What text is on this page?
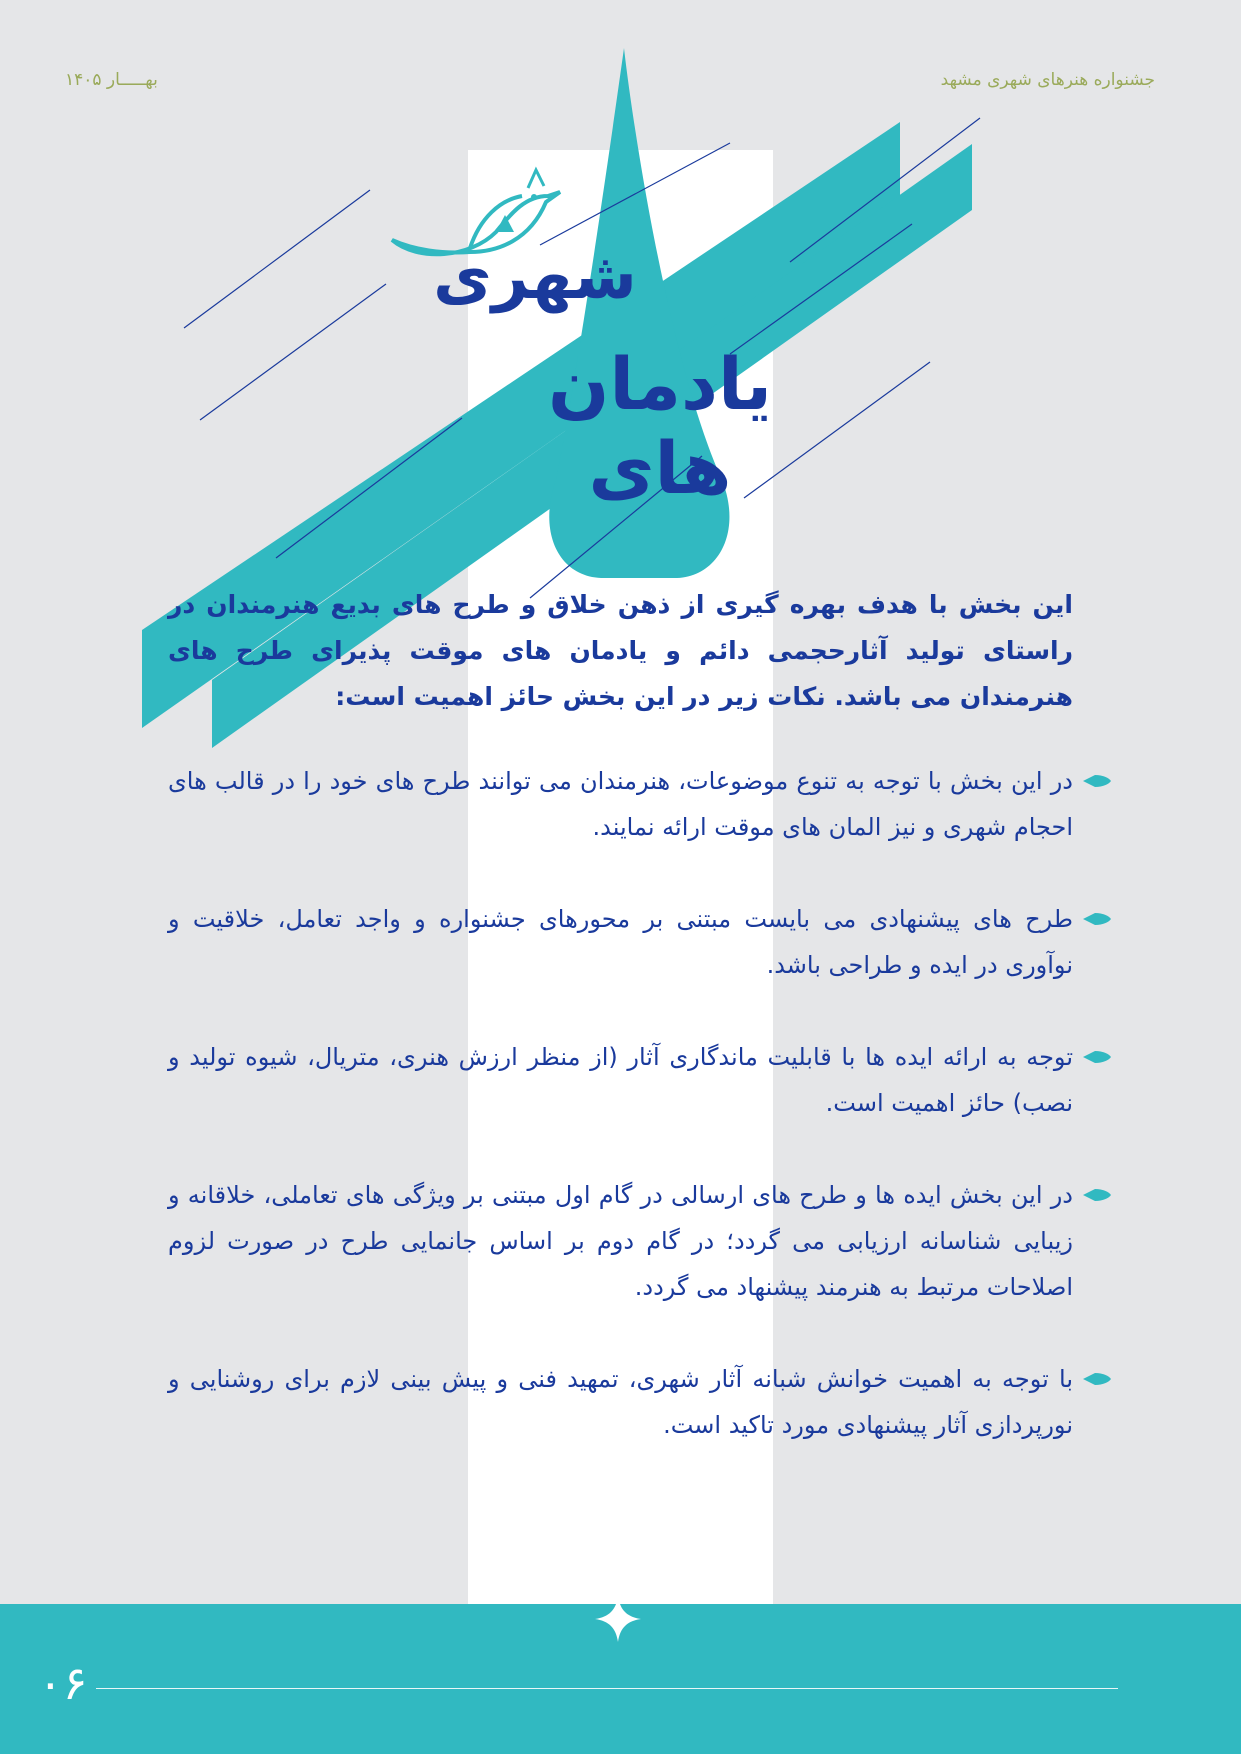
بهـــــار ۱۴۰۵	جشنواره هنرهای شهری مشهد
شهری
یادمان های

این بخش با هدف بهره گیری از ذهن خلاق و طرح های بدیع هنرمندان در راستای تولید آثارحجمی دائم و یادمان های موقت پذیرای طرح های هنرمندان می باشد. نکات زیر در این بخش حائز اهمیت است:

در این بخش با توجه به تنوع موضوعات، هنرمندان می توانند طرح های خود را در قالب های احجام شهری و نیز المان های موقت ارائه نمایند.
طرح های پیشنهادی می بایست مبتنی بر محورهای جشنواره و واجد تعامل، خلاقیت و نوآوری در ایده و طراحی باشد.
توجه به ارائه ایده ها با قابلیت ماندگاری آثار (از منظر ارزش هنری، متریال، شیوه تولید و نصب) حائز اهمیت است.
در این بخش ایده ها و طرح های ارسالی در گام اول مبتنی بر ویژگی های تعاملی، خلاقانه و زیبایی شناسانه ارزیابی می گردد؛ در گام دوم بر اساس جانمایی طرح در صورت لزوم اصلاحات مرتبط به هنرمند پیشنهاد می گردد.
با توجه به اهمیت خوانش شبانه آثار شهری، تمهید فنی و پیش بینی لازم برای روشنایی و نورپردازی آثار پیشنهادی مورد تاکید است.
۰۶
